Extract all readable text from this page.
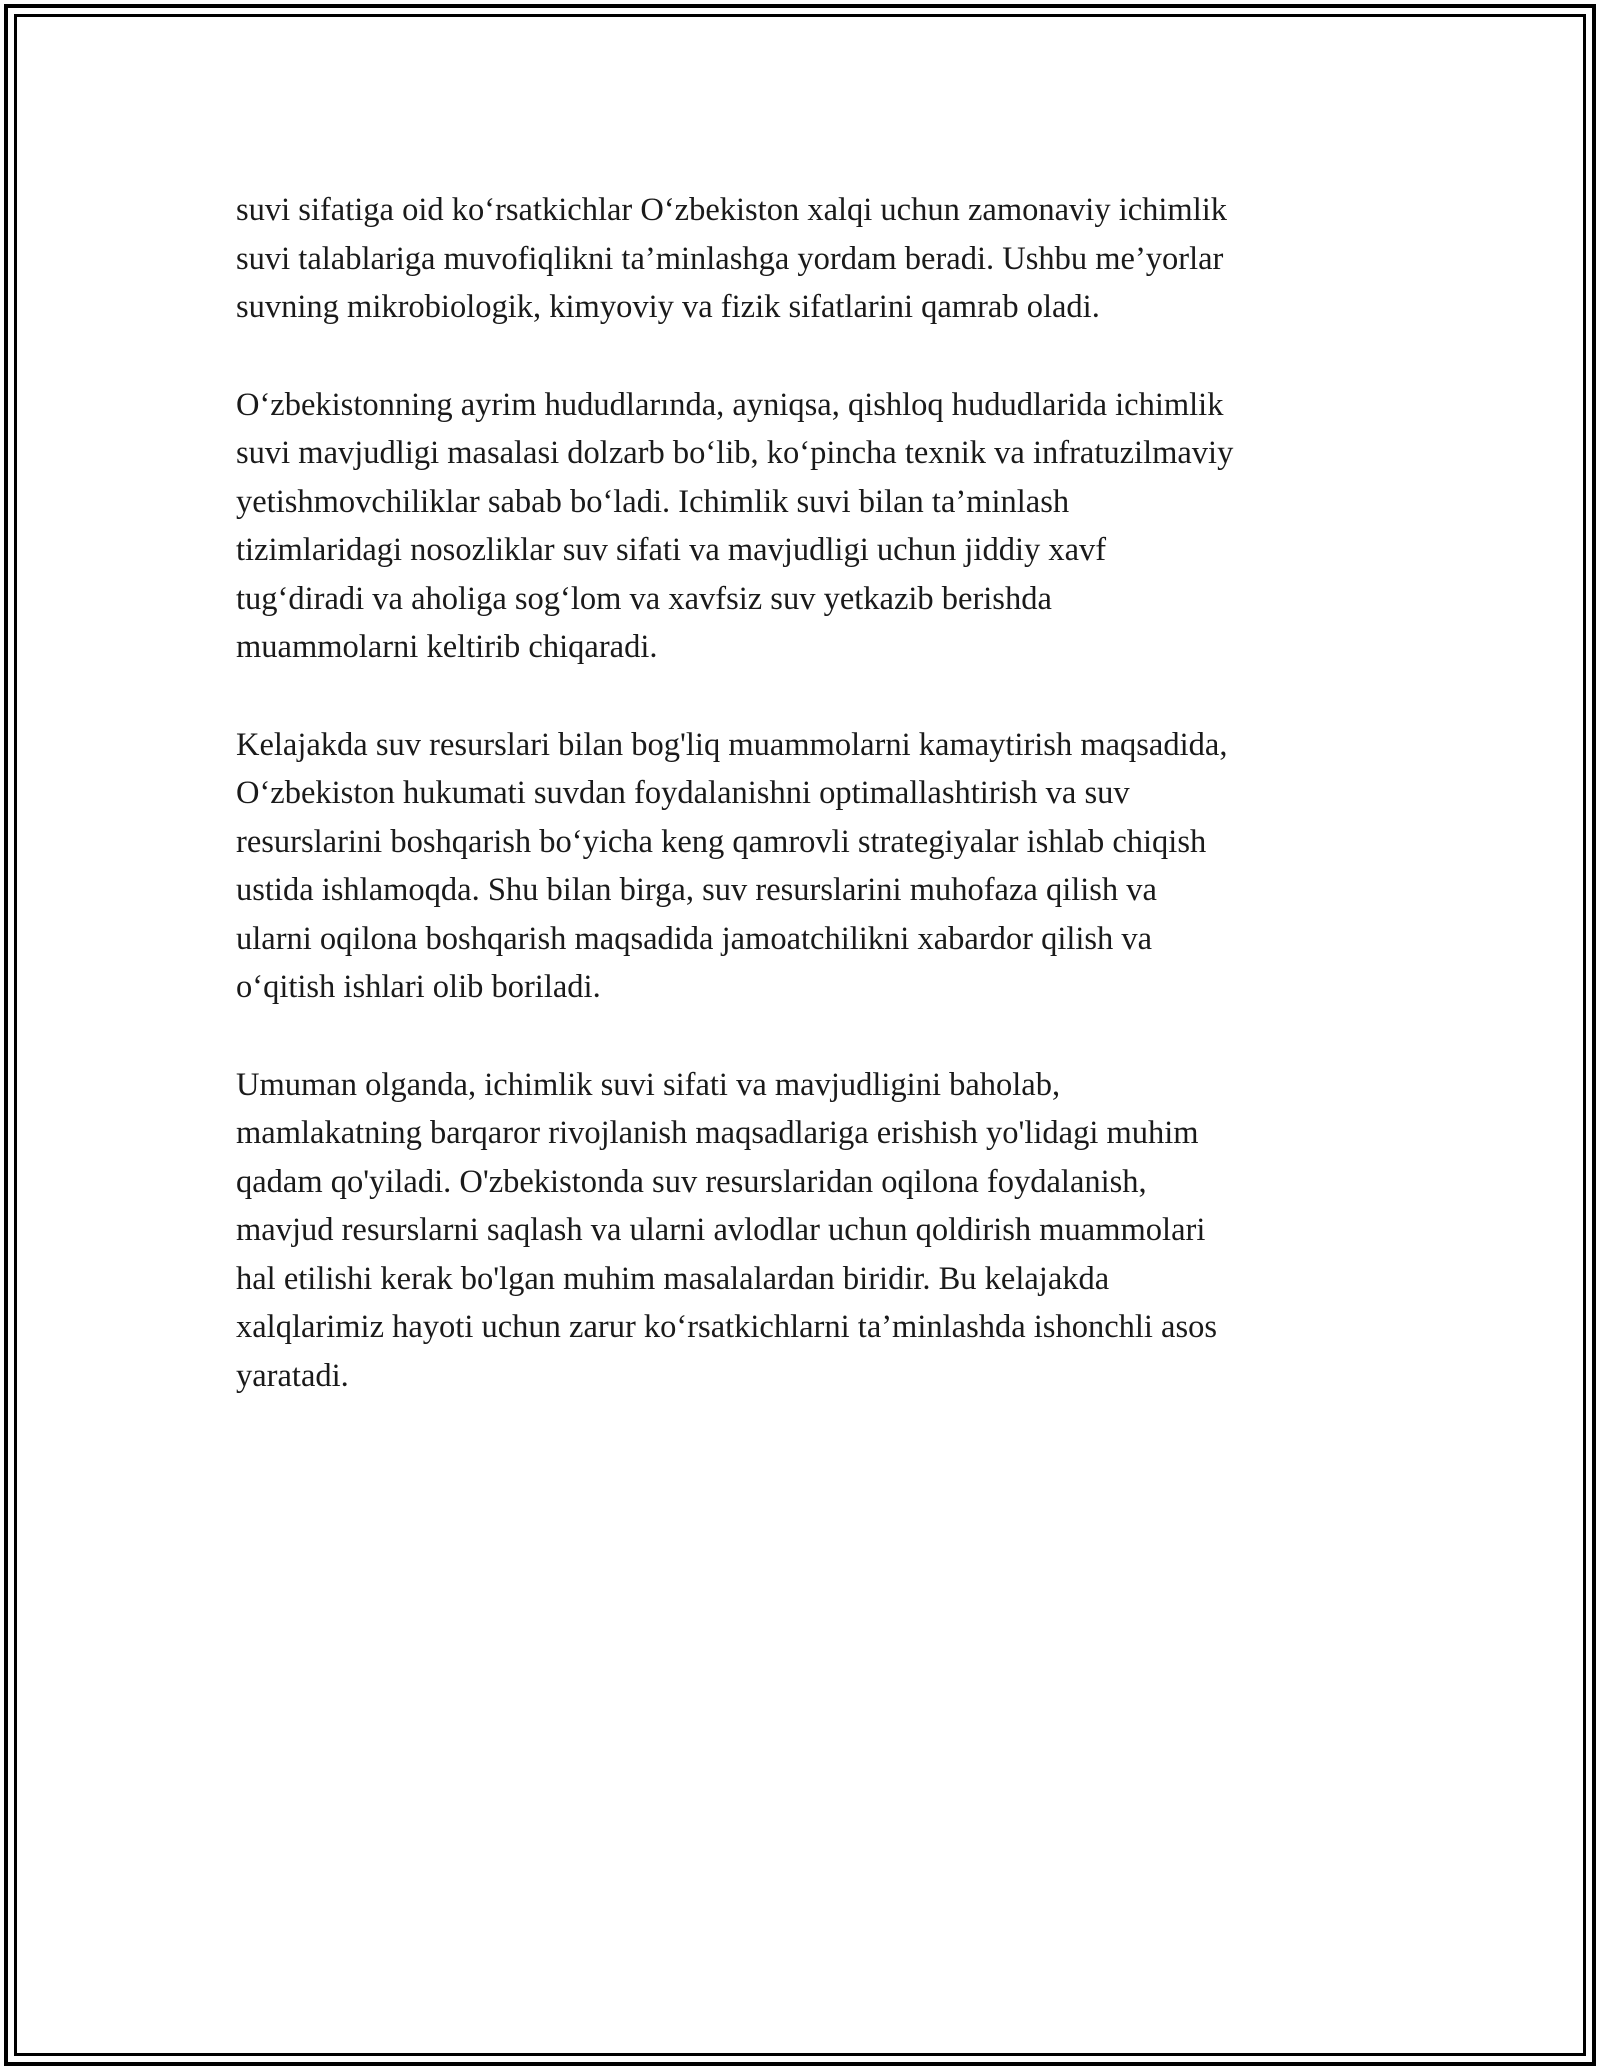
suvi sifatiga oid ko‘rsatkichlar O‘zbekiston xalqi uchun zamonaviy ichimlik
suvi talablariga muvofiqlikni ta’minlashga yordam beradi. Ushbu me’yorlar
suvning mikrobiologik, kimyoviy va fizik sifatlarini qamrab oladi.

O‘zbekistonning ayrim hududlarında, ayniqsa, qishloq hududlarida ichimlik
suvi mavjudligi masalasi dolzarb bo‘lib, ko‘pincha texnik va infratuzilmaviy
yetishmovchiliklar sabab bo‘ladi. Ichimlik suvi bilan ta’minlash
tizimlaridagi nosozliklar suv sifati va mavjudligi uchun jiddiy xavf
tug‘diradi va aholiga sog‘lom va xavfsiz suv yetkazib berishda
muammolarni keltirib chiqaradi.

Kelajakda suv resurslari bilan bog'liq muammolarni kamaytirish maqsadida,
O‘zbekiston hukumati suvdan foydalanishni optimallashtirish va suv
resurslarini boshqarish bo‘yicha keng qamrovli strategiyalar ishlab chiqish
ustida ishlamoqda. Shu bilan birga, suv resurslarini muhofaza qilish va
ularni oqilona boshqarish maqsadida jamoatchilikni xabardor qilish va
o‘qitish ishlari olib boriladi.

Umuman olganda, ichimlik suvi sifati va mavjudligini baholab,
mamlakatning barqaror rivojlanish maqsadlariga erishish yo'lidagi muhim
qadam qo'yiladi. O'zbekistonda suv resurslaridan oqilona foydalanish,
mavjud resurslarni saqlash va ularni avlodlar uchun qoldirish muammolari
hal etilishi kerak bo'lgan muhim masalalardan biridir. Bu kelajakda
xalqlarimiz hayoti uchun zarur ko‘rsatkichlarni ta’minlashda ishonchli asos
yaratadi.
